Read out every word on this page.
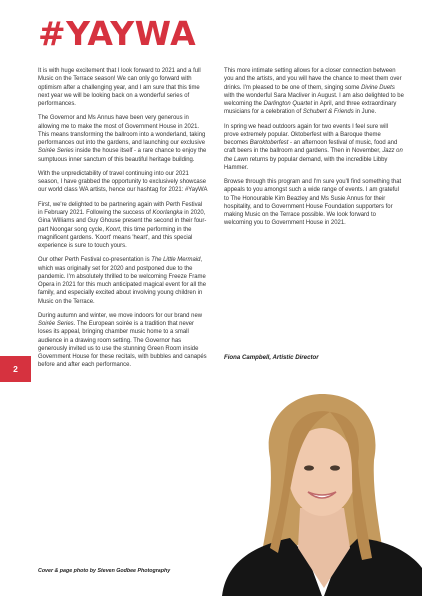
#YAYWA

It is with huge excitement that I look forward to 2021 and a full Music on the Terrace season! We can only go forward with optimism after a challenging year, and I am sure that this time next year we will be looking back on a wonderful series of performances.

The Governor and Ms Annus have been very generous in allowing me to make the most of Government House in 2021. This means transforming the ballroom into a wonderland, taking performances out into the gardens, and launching our exclusive Soirée Series inside the house itself - a rare chance to enjoy the sumptuous inner sanctum of this beautiful heritage building.

With the unpredictability of travel continuing into our 2021 season, I have grabbed the opportunity to exclusively showcase our world class WA artists, hence our hashtag for 2021: #YayWA

First, we're delighted to be partnering again with Perth Festival in February 2021. Following the success of Koorlangka in 2020, Gina Williams and Guy Ghouse present the second in their four-part Noongar song cycle, Koort, this time performing in the magnificent gardens. 'Koort' means 'heart', and this special experience is sure to touch yours.

Our other Perth Festival co-presentation is The Little Mermaid, which was originally set for 2020 and postponed due to the pandemic. I'm absolutely thrilled to be welcoming Freeze Frame Opera in 2021 for this much anticipated magical event for all the family, and especially excited about involving young children in Music on the Terrace.

During autumn and winter, we move indoors for our brand new Soirée Series. The European soirée is a tradition that never loses its appeal, bringing chamber music home to a small audience in a drawing room setting. The Governor has generously invited us to use the stunning Green Room inside Government House for these recitals, with bubbles and canapés before and after each performance.

This more intimate setting allows for a closer connection between you and the artists, and you will have the chance to meet them over drinks. I'm pleased to be one of them, singing some Divine Duets with the wonderful Sara Macliver in August. I am also delighted to be welcoming the Darlington Quartet in April, and three extraordinary musicians for a celebration of Schubert & Friends in June.

In spring we head outdoors again for two events I feel sure will prove extremely popular. Oktoberfest with a Baroque theme becomes Baroktoberfest - an afternoon festival of music, food and craft beers in the ballroom and gardens. Then in November, Jazz on the Lawn returns by popular demand, with the incredible Libby Hammer.

Browse through this program and I'm sure you'll find something that appeals to you amongst such a wide range of events. I am grateful to The Honourable Kim Beazley and Ms Susie Annus for their hospitality, and to Government House Foundation supporters for making Music on the Terrace possible. We look forward to welcoming you to Government House in 2021.

Fiona Campbell, Artistic Director

2

Cover & page photo by Steven Godbee Photography
